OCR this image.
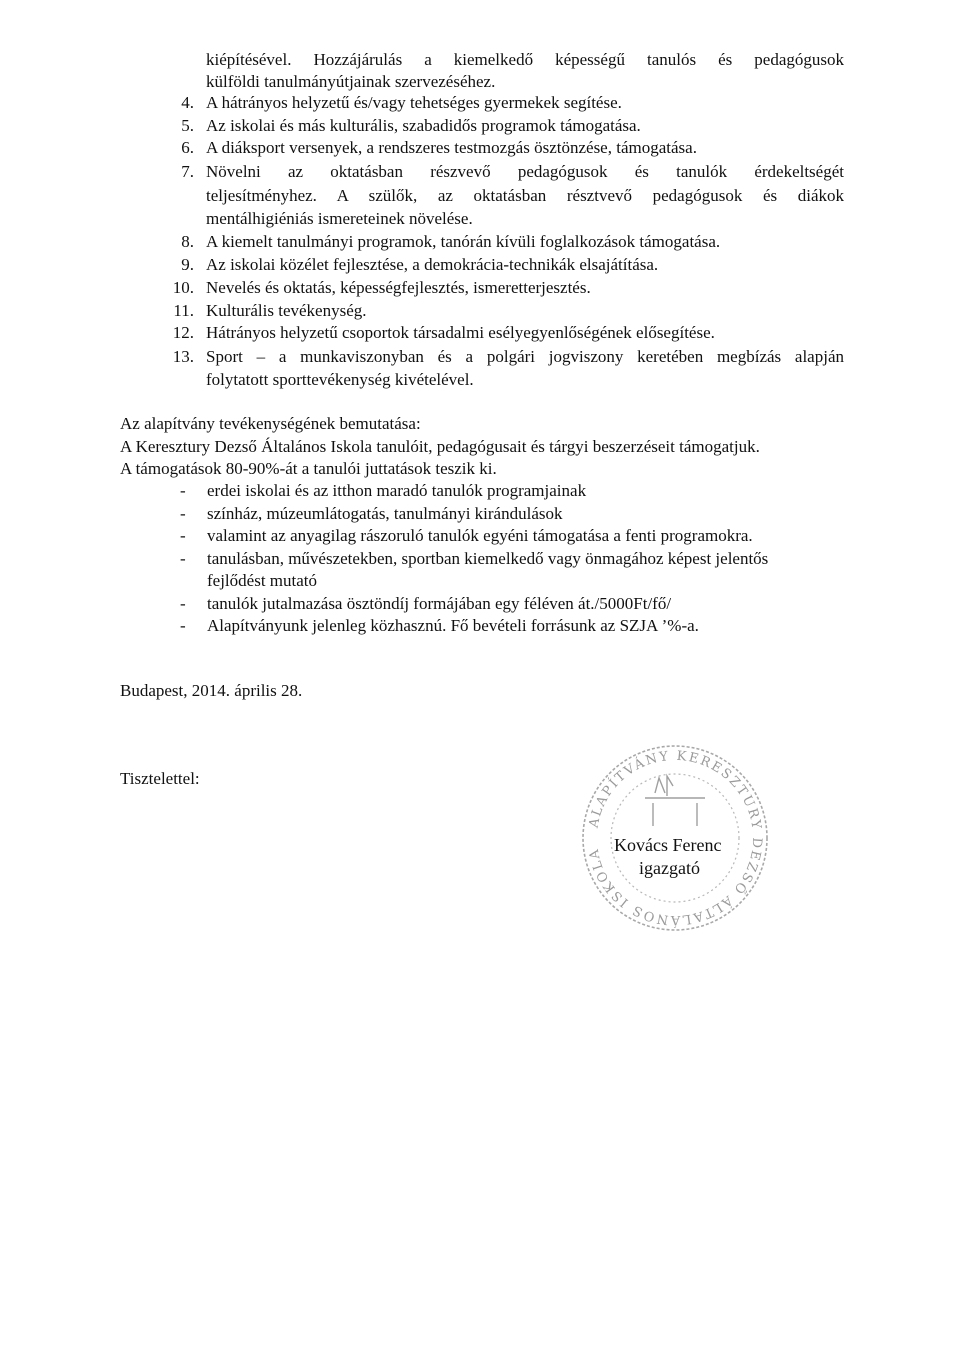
kiépítésével. Hozzájárulás a kiemelkedő képességű tanulós és pedagógusok
külföldi tanulmányútjainak szervezéséhez.
4. A hátrányos helyzetű és/vagy tehetséges gyermekek segítése.
5. Az iskolai és más kulturális, szabadidős programok támogatása.
6. A diáksport versenyek, a rendszeres testmozgás ösztönzése, támogatása.
7. Növelni az oktatásban részvevő pedagógusok és tanulók érdekeltségét
teljesítményhez. A szülők, az oktatásban résztvevő pedagógusok és diákok
mentálhigiéniás ismereteinek növelése.
8. A kiemelt tanulmányi programok, tanórán kívüli foglalkozások támogatása.
9. Az iskolai közélet fejlesztése, a demokrácia-technikák elsajátítása.
10. Nevelés és oktatás, képességfejlesztés, ismeretterjesztés.
11. Kulturális tevékenység.
12. Hátrányos helyzetű csoportok társadalmi esélyegyenlőségének elősegítése.
13. Sport – a munkaviszonyban és a polgári jogviszony keretében megbízás alapján
folytatott sporttevékenység kivételével.
Az alapítvány tevékenységének bemutatása:
A Keresztury Dezső Általános Iskola tanulóit, pedagógusait és tárgyi beszerzéseit támogatjuk.
A támogatások 80-90%-át a tanulói juttatások teszik ki.
- erdei iskolai és az itthon maradó tanulók programjainak
- színház, múzeumlátogatás, tanulmányi kirándulások
- valamint az anyagilag rászoruló tanulók egyéni támogatása a fenti programokra.
- tanulásban, művészetekben, sportban kiemelkedő vagy önmagához képest jelentős
fejlődést mutató
- tanulók jutalmazása ösztöndíj formájában egy féléven át./5000Ft/fő/
- Alapítványunk jelenleg közhasznú. Fő bevételi forrásunk az SZJA ’%-a.
Budapest, 2014. április 28.
Tisztelettel:
ALAPÍTVÁNY KERESZTURY DEZSŐ ÁLTALÁNOS ISKOLA Kovács Ferenc
igazgató
